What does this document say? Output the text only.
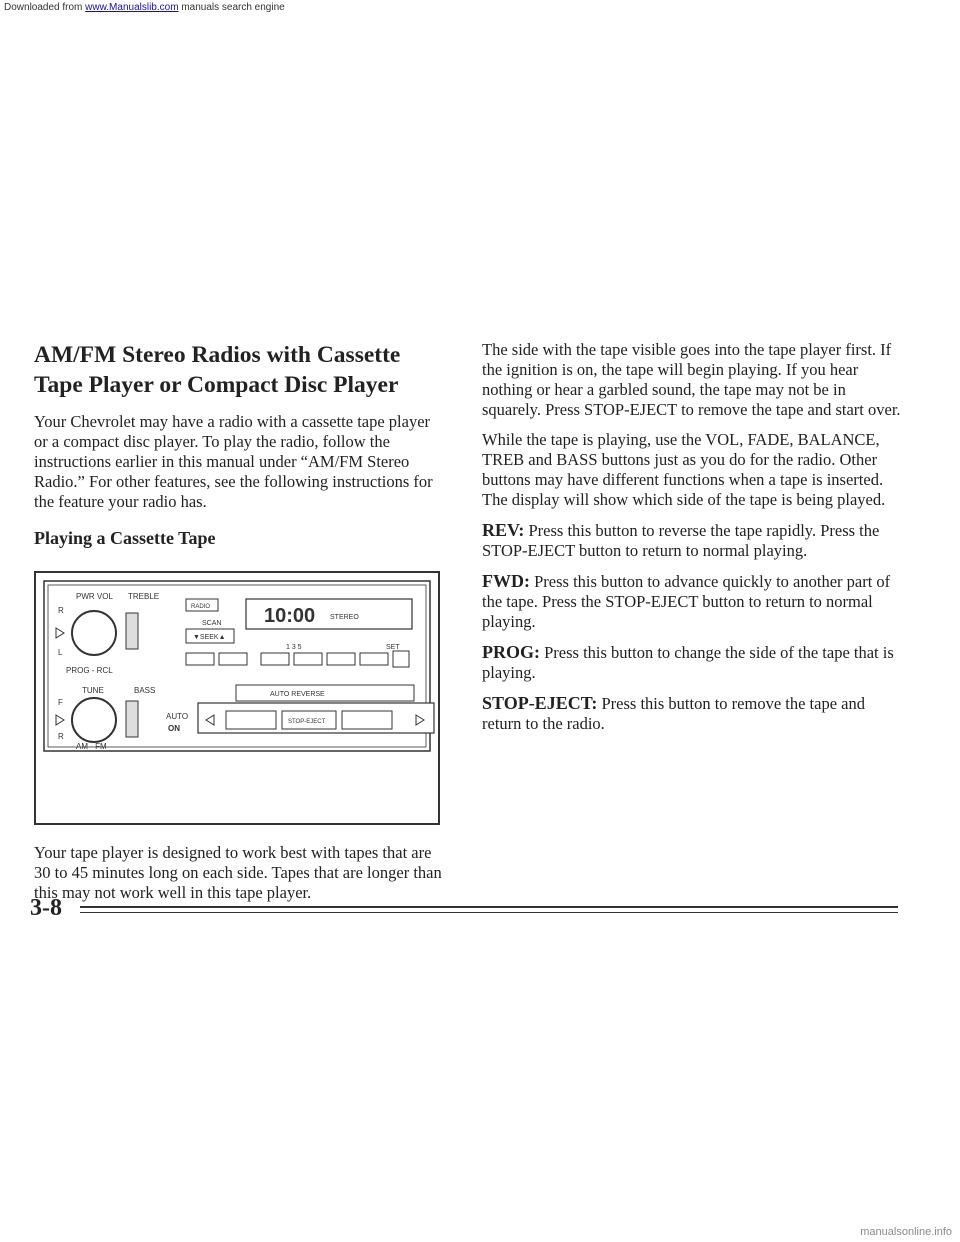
Downloaded from www.Manualslib.com manuals search engine
AM/FM Stereo Radios with Cassette Tape Player or Compact Disc Player

Your Chevrolet may have a radio with a cassette tape player or a compact disc player. To play the radio, follow the instructions earlier in this manual under “AM/FM Stereo Radio.” For other features, see the following instructions for the feature your radio has.

Playing a Cassette Tape
PWR VOL TREBLE
R
L
PROG - RCL
TUNE	BASS
F
R
AM - FM
RADIO
SCAN
▼SEEK▲
10:00 STEREO
1 3 5	SET
AUTO REVERSE
AUTO
ON
STOP-EJECT

Your tape player is designed to work best with tapes that are 30 to 45 minutes long on each side. Tapes that are longer than this may not work well in this tape player.

The side with the tape visible goes into the tape player first. If the ignition is on, the tape will begin playing. If you hear nothing or hear a garbled sound, the tape may not be in squarely. Press STOP-EJECT to remove the tape and start over.

While the tape is playing, use the VOL, FADE, BALANCE, TREB and BASS buttons just as you do for the radio. Other buttons may have different functions when a tape is inserted. The display will show which side of the tape is being played.

REV: Press this button to reverse the tape rapidly. Press the STOP-EJECT button to return to normal playing.

FWD: Press this button to advance quickly to another part of the tape. Press the STOP-EJECT button to return to normal playing.

PROG: Press this button to change the side of the tape that is playing.

STOP-EJECT: Press this button to remove the tape and return to the radio.

3-8
manualsonline.info
